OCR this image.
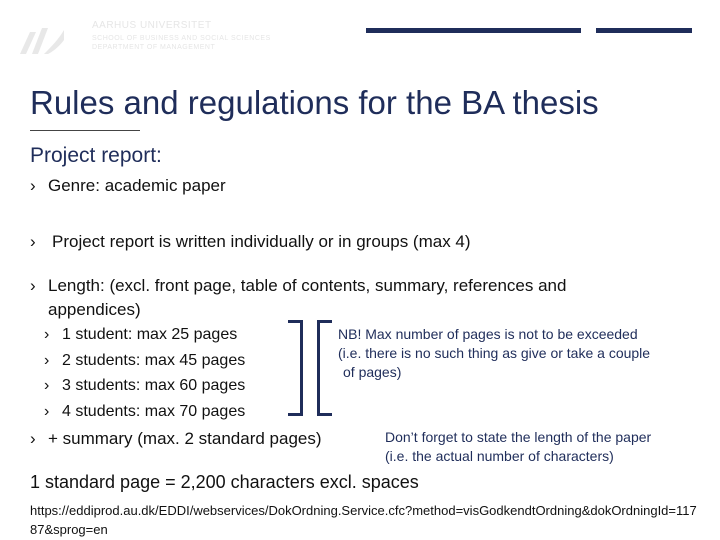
AARHUS UNIVERSITET
SCHOOL OF BUSINESS AND SOCIAL SCIENCES
DEPARTMENT OF MANAGEMENT
Rules and regulations for the BA thesis
Project report:
› Genre: academic paper
› Project report is written individually or in groups (max 4)
› Length: (excl. front page, table of contents, summary, references and
appendices)
› 1 student: max 25 pages
› 2 students: max 45 pages
› 3 students: max 60 pages
› 4 students: max 70 pages
NB! Max number of pages is not to be exceeded
(i.e. there is no such thing as give or take a couple
of pages)
› + summary (max. 2 standard pages)	Don’t forget to state the length of the paper
(i.e. the actual number of characters)
1 standard page = 2,200 characters excl. spaces
https://eddiprod.au.dk/EDDI/webservices/DokOrdning.Service.cfc?method=visGodkendtOrdning&dokOrdningId=11787&sprog=en
